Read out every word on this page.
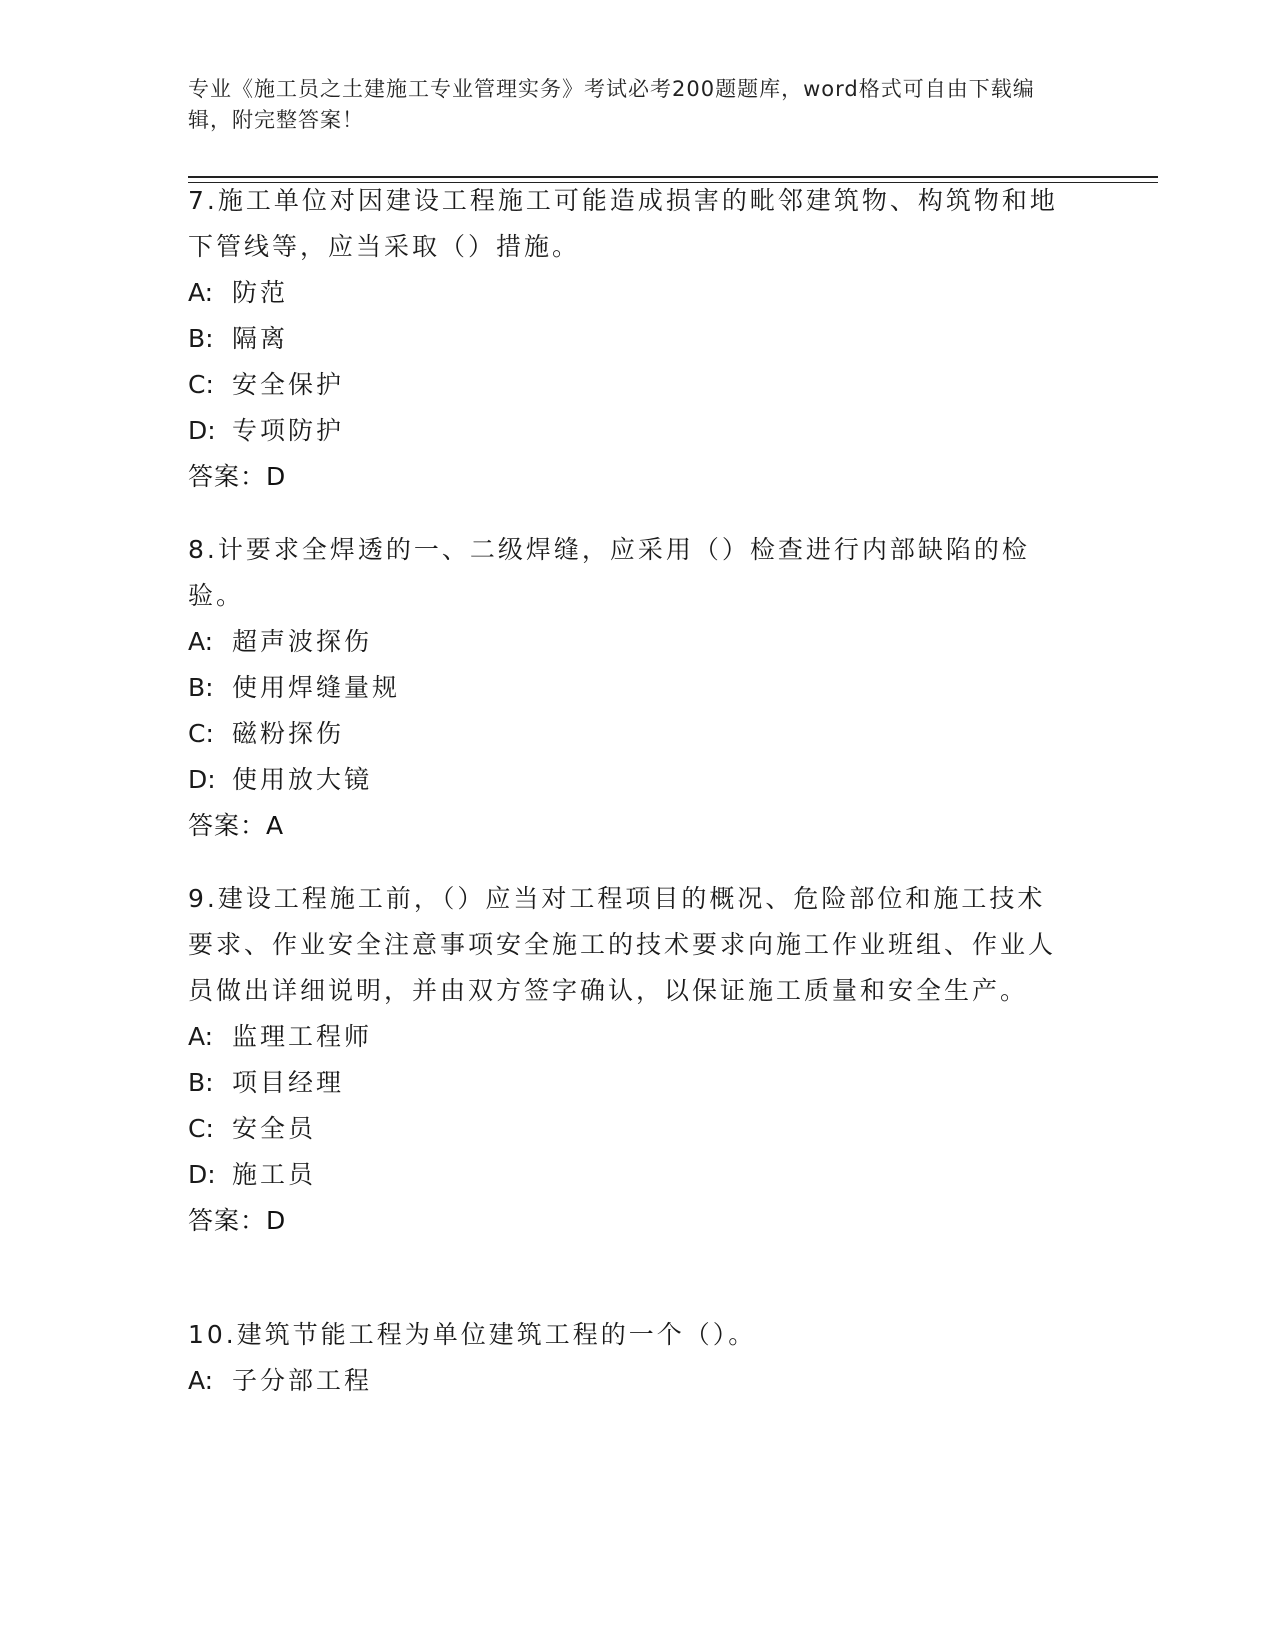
专业《施工员之土建施工专业管理实务》考试必考200题题库，word格式可自由下载编辑，附完整答案！

7.施工单位对因建设工程施工可能造成损害的毗邻建筑物、构筑物和地下管线等，应当采取（）措施。

A: 防范

B: 隔离

C: 安全保护

D: 专项防护

答案：D

8.计要求全焊透的一、二级焊缝，应采用（）检查进行内部缺陷的检验。

A: 超声波探伤

B: 使用焊缝量规

C: 磁粉探伤

D: 使用放大镜

答案：A

9.建设工程施工前，（）应当对工程项目的概况、危险部位和施工技术要求、作业安全注意事项安全施工的技术要求向施工作业班组、作业人员做出详细说明，并由双方签字确认，以保证施工质量和安全生产。

A: 监理工程师

B: 项目经理

C: 安全员

D: 施工员

答案：D

10.建筑节能工程为单位建筑工程的一个（）。

A: 子分部工程
